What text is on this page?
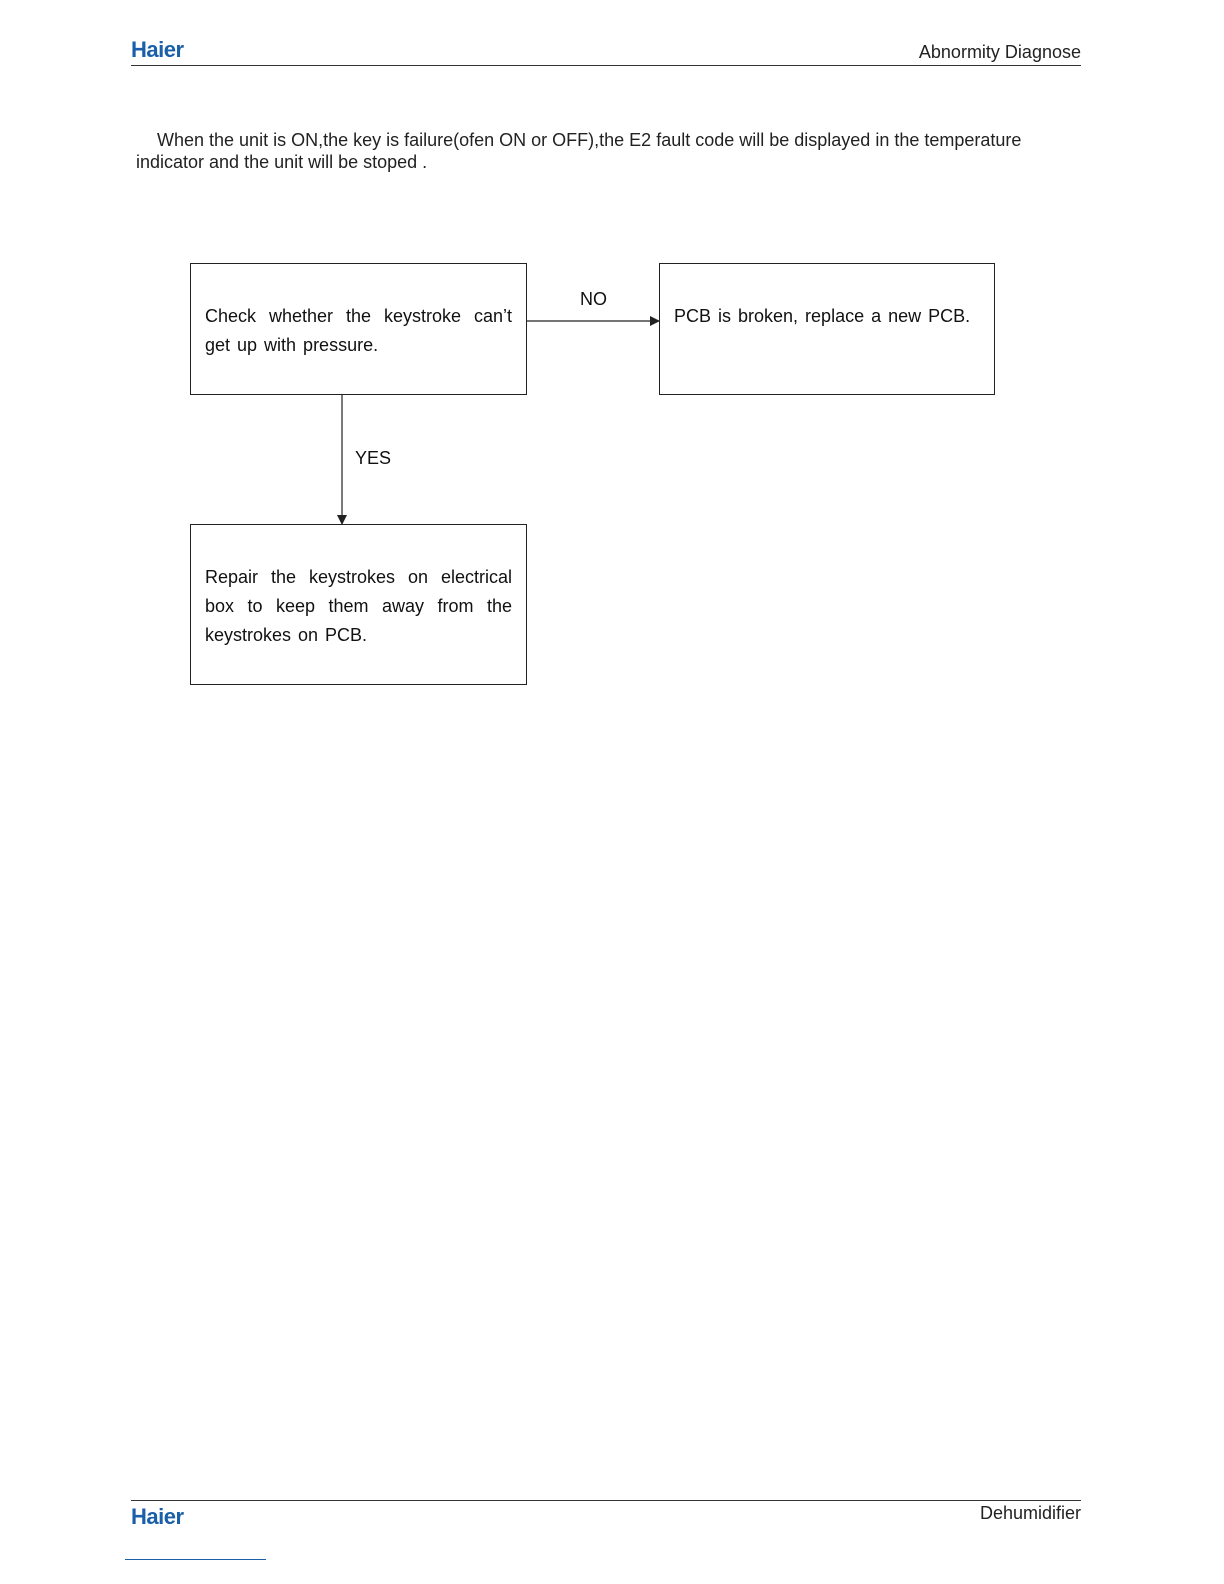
Haier	Abnormity Diagnose

When the unit is ON,the key is failure(ofen ON or OFF),the E2 fault code will be displayed in the temperature indicator and the unit will be stoped .

Check whether the keystroke can’t get up with pressure.
PCB is broken, replace a new PCB.
Repair the keystrokes on electrical box to keep them away from the keystrokes on PCB.
NO
YES
Haier	Dehumidifier
